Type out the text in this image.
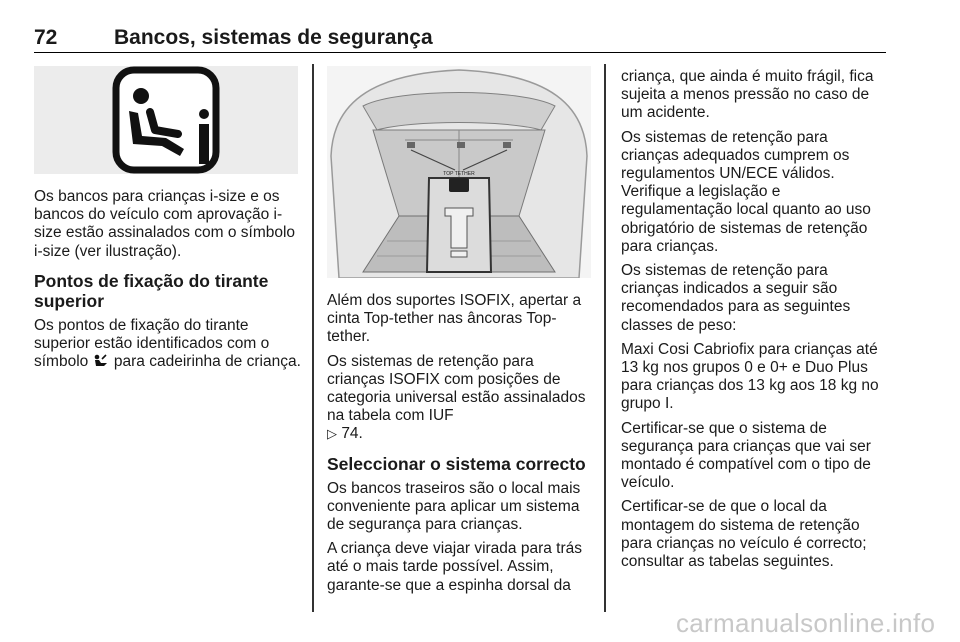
72	Bancos, sistemas de segurança

Os bancos para crianças i-size e os bancos do veículo com aprovação i-size estão assinalados com o símbolo i-size (ver ilustração).

Pontos de fixação do tirante superior

Os pontos de fixação do tirante superior estão identificados com o símbolo para cadeirinha de criança.

TOP TETHER

Além dos suportes ISOFIX, apertar a cinta Top-tether nas âncoras Top-tether.

Os sistemas de retenção para crianças ISOFIX com posições de categoria universal estão assinalados na tabela com IUF
▷ 74.

Seleccionar o sistema correcto

Os bancos traseiros são o local mais conveniente para aplicar um sistema de segurança para crianças.

A criança deve viajar virada para trás até o mais tarde possível. Assim, garante-se que a espinha dorsal da

criança, que ainda é muito frágil, fica sujeita a menos pressão no caso de um acidente.

Os sistemas de retenção para crianças adequados cumprem os regulamentos UN/ECE válidos. Verifique a legislação e regulamentação local quanto ao uso obrigatório de sistemas de retenção para crianças.

Os sistemas de retenção para crianças indicados a seguir são recomendados para as seguintes classes de peso:

Maxi Cosi Cabriofix para crianças até 13 kg nos grupos 0 e 0+ e Duo Plus para crianças dos 13 kg aos 18 kg no grupo I.

Certificar-se que o sistema de segurança para crianças que vai ser montado é compatível com o tipo de veículo.

Certificar-se de que o local da montagem do sistema de retenção para crianças no veículo é correcto; consultar as tabelas seguintes.

carmanualsonline.info
